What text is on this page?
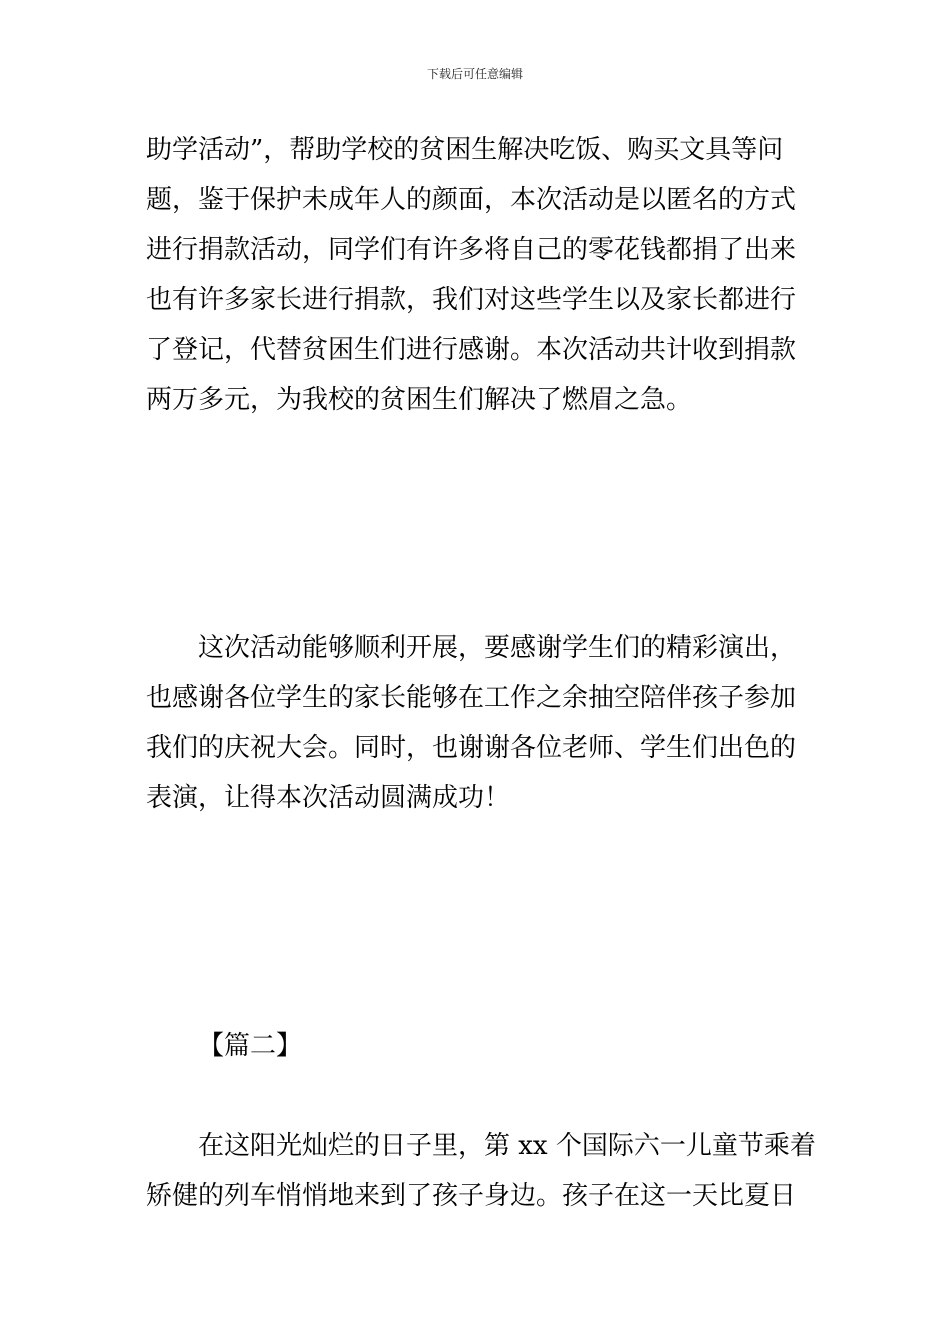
下载后可任意编辑
助学活动”，帮助学校的贫困生解决吃饭、购买文具等问
题，鉴于保护未成年人的颜面，本次活动是以匿名的方式
进行捐款活动，同学们有许多将自己的零花钱都捐了出来
也有许多家长进行捐款，我们对这些学生以及家长都进行
了登记，代替贫困生们进行感谢。本次活动共计收到捐款
两万多元，为我校的贫困生们解决了燃眉之急。
这次活动能够顺利开展，要感谢学生们的精彩演出，
也感谢各位学生的家长能够在工作之余抽空陪伴孩子参加
我们的庆祝大会。同时，也谢谢各位老师、学生们出色的
表演，让得本次活动圆满成功！
【篇二】
在这阳光灿烂的日子里，第 xx 个国际六一儿童节乘着
矫健的列车悄悄地来到了孩子身边。孩子在这一天比夏日
